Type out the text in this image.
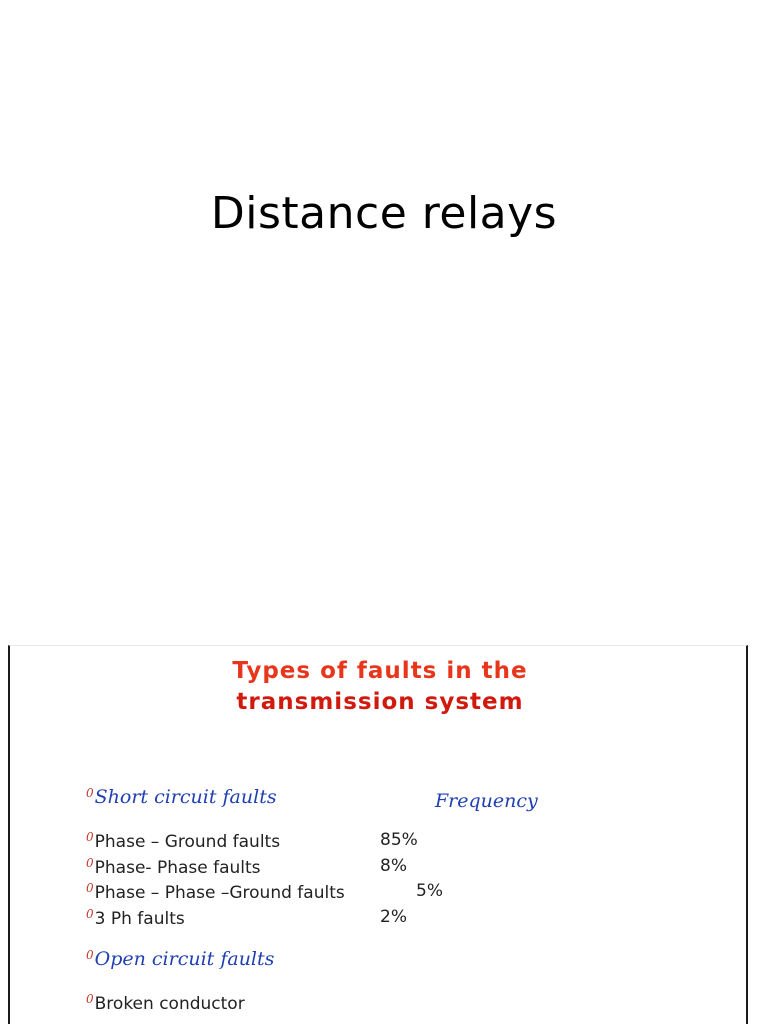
Distance relays
Types of faults in the
transmission system
0Short circuit faults	Frequency
0Phase – Ground faults	85%
0Phase- Phase faults	8%
0Phase – Phase –Ground faults	5%
03 Ph faults	2%
0Open circuit faults
0Broken conductor
